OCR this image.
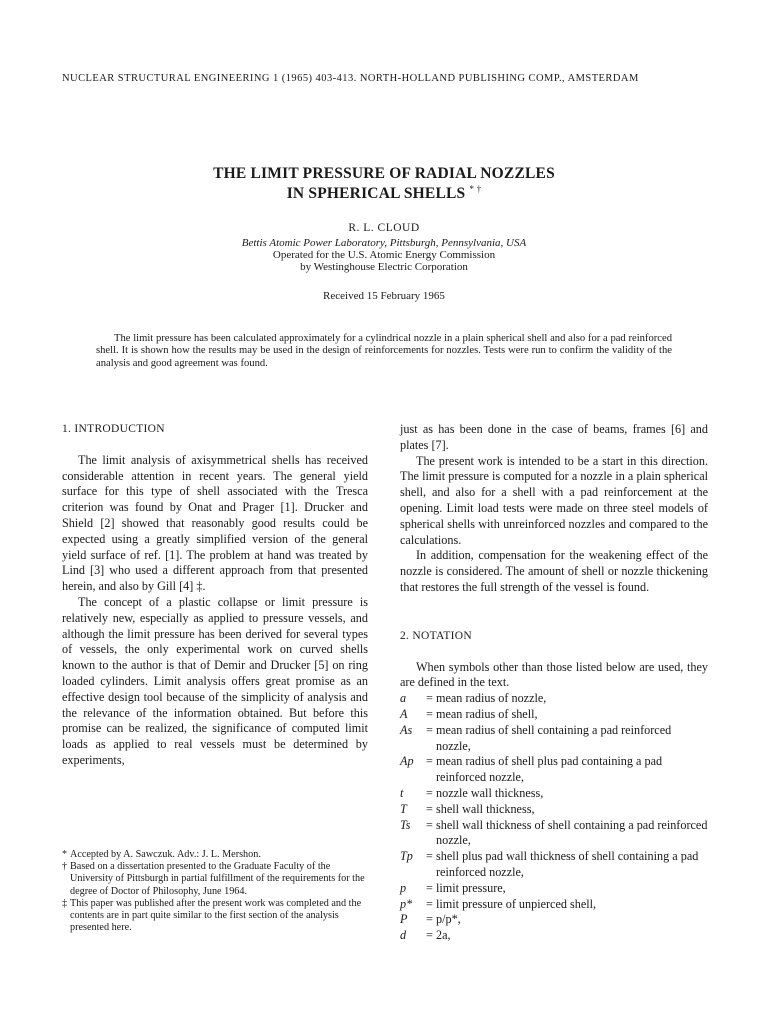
NUCLEAR STRUCTURAL ENGINEERING 1 (1965) 403-413. NORTH-HOLLAND PUBLISHING COMP., AMSTERDAM
THE LIMIT PRESSURE OF RADIAL NOZZLES
IN SPHERICAL SHELLS * †
R. L. CLOUD
Bettis Atomic Power Laboratory, Pittsburgh, Pennsylvania, USA
Operated for the U.S. Atomic Energy Commission
by Westinghouse Electric Corporation
Received 15 February 1965
The limit pressure has been calculated approximately for a cylindrical nozzle in a plain spherical shell and also for a pad reinforced shell. It is shown how the results may be used in the design of reinforcements for nozzles. Tests were run to confirm the validity of the analysis and good agreement was found.
1. INTRODUCTION

The limit analysis of axisymmetrical shells has received considerable attention in recent years. The general yield surface for this type of shell associated with the Tresca criterion was found by Onat and Prager [1]. Drucker and Shield [2] showed that reasonably good results could be expected using a greatly simplified version of the general yield surface of ref. [1]. The problem at hand was treated by Lind [3] who used a different approach from that presented herein, and also by Gill [4] ‡.

The concept of a plastic collapse or limit pressure is relatively new, especially as applied to pressure vessels, and although the limit pressure has been derived for several types of vessels, the only experimental work on curved shells known to the author is that of Demir and Drucker [5] on ring loaded cylinders. Limit analysis offers great promise as an effective design tool because of the simplicity of analysis and the relevance of the information obtained. But before this promise can be realized, the significance of computed limit loads as applied to real vessels must be determined by experiments,

just as has been done in the case of beams, frames [6] and plates [7].

The present work is intended to be a start in this direction. The limit pressure is computed for a nozzle in a plain spherical shell, and also for a shell with a pad reinforcement at the opening. Limit load tests were made on three steel models of spherical shells with unreinforced nozzles and compared to the calculations.

In addition, compensation for the weakening effect of the nozzle is considered. The amount of shell or nozzle thickening that restores the full strength of the vessel is found.

2. NOTATION

When symbols other than those listed below are used, they are defined in the text.

a	= mean radius of nozzle,
A	= mean radius of shell,
As	= mean radius of shell containing a pad reinforced nozzle,
Ap	= mean radius of shell plus pad containing a pad reinforced nozzle,
t	= nozzle wall thickness,
T	= shell wall thickness,
Ts	= shell wall thickness of shell containing a pad reinforced nozzle,
Tp	= shell plus pad wall thickness of shell containing a pad reinforced nozzle,
p	= limit pressure,
p*	= limit pressure of unpierced shell,
P	= p/p*,
d	= 2a,
* Accepted by A. Sawczuk. Adv.: J. L. Mershon.
† Based on a dissertation presented to the Graduate Faculty of the University of Pittsburgh in partial fulfillment of the requirements for the degree of Doctor of Philosophy, June 1964.
‡ This paper was published after the present work was completed and the contents are in part quite similar to the first section of the analysis presented here.
